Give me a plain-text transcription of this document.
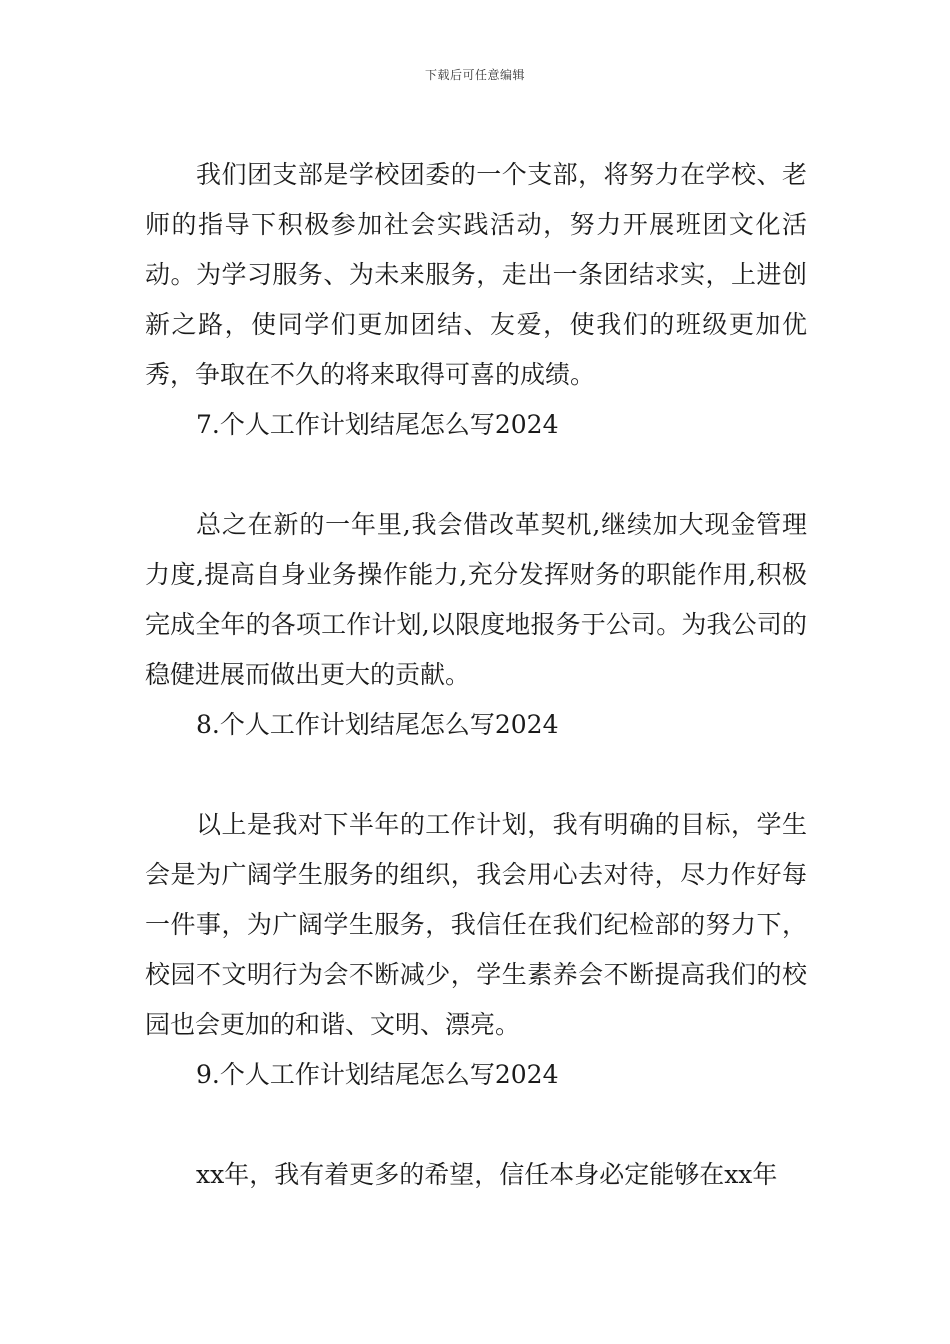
下载后可任意编辑

我们团支部是学校团委的一个支部，将努力在学校、老师的指导下积极参加社会实践活动，努力开展班团文化活动。为学习服务、为未来服务，走出一条团结求实，上进创新之路，使同学们更加团结、友爱，使我们的班级更加优秀，争取在不久的将来取得可喜的成绩。

7.个人工作计划结尾怎么写2024

总之在新的一年里,我会借改革契机,继续加大现金管理力度,提高自身业务操作能力,充分发挥财务的职能作用,积极完成全年的各项工作计划,以限度地报务于公司。为我公司的稳健进展而做出更大的贡献。

8.个人工作计划结尾怎么写2024

以上是我对下半年的工作计划，我有明确的目标，学生会是为广阔学生服务的组织，我会用心去对待，尽力作好每一件事，为广阔学生服务，我信任在我们纪检部的努力下，校园不文明行为会不断减少，学生素养会不断提高我们的校园也会更加的和谐、文明、漂亮。

9.个人工作计划结尾怎么写2024

xx年，我有着更多的希望，信任本身必定能够在xx年
